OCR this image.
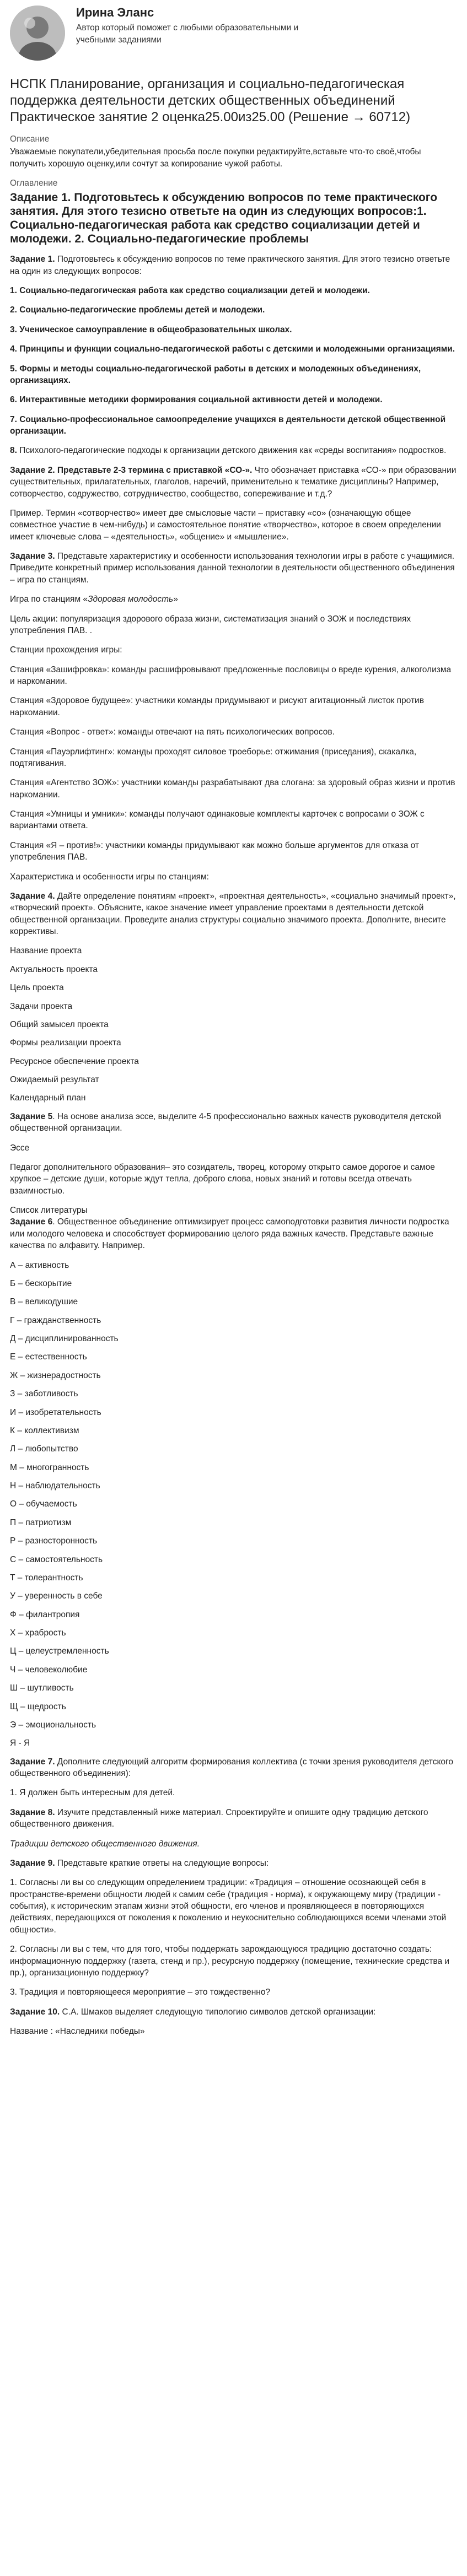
Ирина Эланс
Автор который поможет с любыми образовательными и учебными заданиями
НСПК Планирование, организация и социально-педагогическая поддержка деятельности детских общественных объединений Практическое занятие 2 оценка25.00из25.00 (Решение → 60712)
Описание

Уважаемые покупатели,убедительная просьба после покупки редактируйте,вставьте что-то своё,чтобы получить хорошую оценку,или сочтут за копирование чужой работы.

Оглавление
Задание 1. Подготовьтесь к обсуждению вопросов по теме практического занятия. Для этого тезисно ответьте на один из следующих вопросов:1. Социально-педагогическая работа как средство социализации детей и молодежи. 2. Социально-педагогические проблемы

Задание 1. Подготовьтесь к обсуждению вопросов по теме практического занятия. Для этого тезисно ответьте на один из следующих вопросов:

1. Социально-педагогическая работа как средство социализации детей и молодежи.

2. Социально-педагогические проблемы детей и молодежи.

3. Ученическое самоуправление в общеобразовательных школах.

4. Принципы и функции социально-педагогической работы с детскими и молодежными организациями.

5. Формы и методы социально-педагогической работы в детских и молодежных объединениях, организациях.

6. Интерактивные методики формирования социальной активности детей и молодежи.

7. Социально-профессиональное самоопределение учащихся в деятельности детской общественной организации.

8. Психолого-педагогические подходы к организации детского движения как «среды воспитания» подростков.

Задание 2. Представьте 2-3 термина с приставкой «СО-». Что обозначает приставка «СО-» при образовании существительных, прилагательных, глаголов, наречий, применительно к тематике дисциплины? Например, сотворчество, содружество, сотрудничество, сообщество, сопереживание и т.д.?

Пример. Термин «сотворчество» имеет две смысловые части – приставку «со» (означающую общее совместное участие в чем-нибудь) и самостоятельное понятие «творчество», которое в своем определении имеет ключевые слова – «деятельность», «общение» и «мышление».

Задание 3. Представьте характеристику и особенности использования технологии игры в работе с учащимися. Приведите конкретный пример использования данной технологии в деятельности общественного объединения – игра по станциям.

Игра по станциям «Здоровая молодость»

Цель акции: популяризация здорового образа жизни, систематизация знаний о ЗОЖ и последствиях употребления ПАВ. .

Станции прохождения игры:

Станция «Зашифровка»: команды расшифровывают предложенные пословицы о вреде курения, алкоголизма и наркомании.

Станция «Здоровое будущее»: участники команды придумывают и рисуют агитационный листок против наркомании.

Станция «Вопрос - ответ»: команды отвечают на пять психологических вопросов.

Станция «Пауэрлифтинг»: команды проходят силовое троеборье: отжимания (приседания), скакалка, подтягивания.

Станция «Агентство ЗОЖ»: участники команды разрабатывают два слогана: за здоровый образ жизни и против наркомании.

Станция «Умницы и умники»: команды получают одинаковые комплекты карточек с вопросами о ЗОЖ с вариантами ответа.

Станция «Я – против!»: участники команды придумывают как можно больше аргументов для отказа от употребления ПАВ.

Характеристика и особенности игры по станциям:

Задание 4. Дайте определение понятиям «проект», «проектная деятельность», «социально значимый проект», «творческий проект». Объясните, какое значение имеет управление проектами в деятельности детской общественной организации. Проведите анализ структуры социально значимого проекта. Дополните, внесите коррективы.

Название проекта

Актуальность проекта

Цель проекта

Задачи проекта

Общий замысел проекта

Формы реализации проекта

Ресурсное обеспечение проекта

Ожидаемый результат

Календарный план

Задание 5. На основе анализа эссе, выделите 4-5 профессионально важных качеств руководителя детской общественной организации.

Эссе

Педагог дополнительного образования– это созидатель, творец, которому открыто самое дорогое и самое хрупкое – детские души, которые ждут тепла, доброго слова, новых знаний и готовы всегда отвечать взаимностью.

Список литературы

Задание 6. Общественное объединение оптимизирует процесс самоподготовки развития личности подростка или молодого человека и способствует формированию целого ряда важных качеств. Представьте важные качества по алфавиту. Например.

А – активность

Б – бескорытие

В – великодушие

Г – гражданственность

Д – дисциплинированность

Е – естественность

Ж – жизнерадостность

З – заботливость

И – изобретательность

К – коллективизм

Л – любопытство

М – многогранность

Н – наблюдательность

О – обучаемость

П – патриотизм

Р – разносторонность

С – самостоятельность

Т – толерантность

У – уверенность в себе

Ф – филантропия

Х – храбрость

Ц – целеустремленность

Ч – человеколюбие

Ш – шутливость

Щ – щедрость

Э – эмоциональность

Я - Я

Задание 7. Дополните следующий алгоритм формирования коллектива (с точки зрения руководителя детского общественного объединения):

1. Я должен быть интересным для детей.

Задание 8. Изучите представленный ниже материал. Спроектируйте и опишите одну традицию детского общественного движения.

Традиции детского общественного движения.

Задание 9. Представьте краткие ответы на следующие вопросы:

1. Согласны ли вы со следующим определением традиции: «Традиция – отношение осознающей себя в пространстве-времени общности людей к самим себе (традиция - норма), к окружающему миру (традиции - события), к историческим этапам жизни этой общности, его членов и проявляющееся в повторяющихся действиях, передающихся от поколения к поколению и неукоснительно соблюдающихся всеми членами этой общности».

2. Согласны ли вы с тем, что для того, чтобы поддержать зарождающуюся традицию достаточно создать: информационную поддержку (газета, стенд и пр.), ресурсную поддержку (помещение, технические средства и пр.), организационную поддержку?

3. Традиция и повторяющееся мероприятие – это тождественно?

Задание 10. С.А. Шмаков выделяет следующую типологию символов детской организации:

Название : «Наследники победы»
